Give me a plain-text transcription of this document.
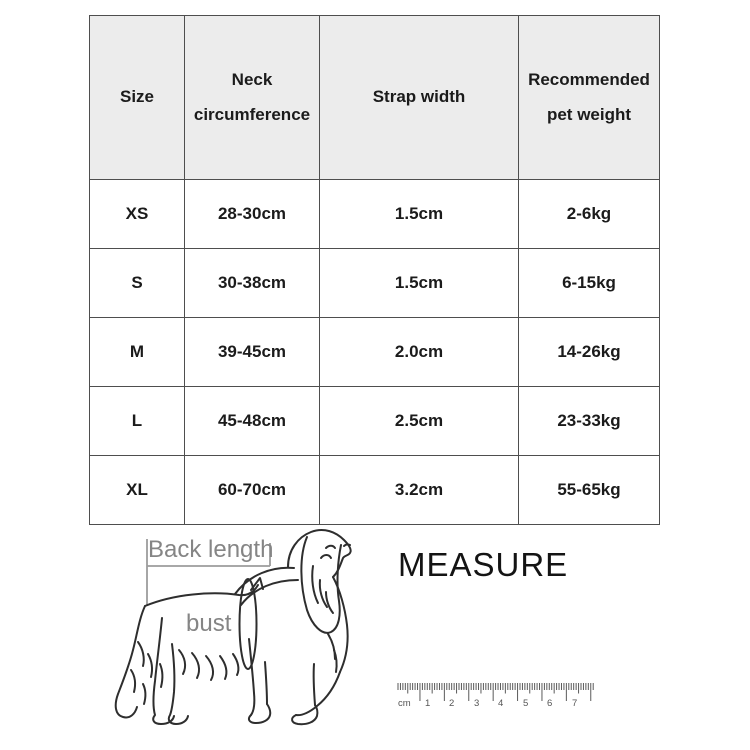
Size	Neck circumference	Strap width	Recommended pet weight
XS	28-30cm	1.5cm	2-6kg
S	30-38cm	1.5cm	6-15kg
M	39-45cm	2.0cm	14-26kg
L	45-48cm	2.5cm	23-33kg
XL	60-70cm	3.2cm	55-65kg
Back length
bust
MEASURE
cm 1 2 3 4 5 6 7
